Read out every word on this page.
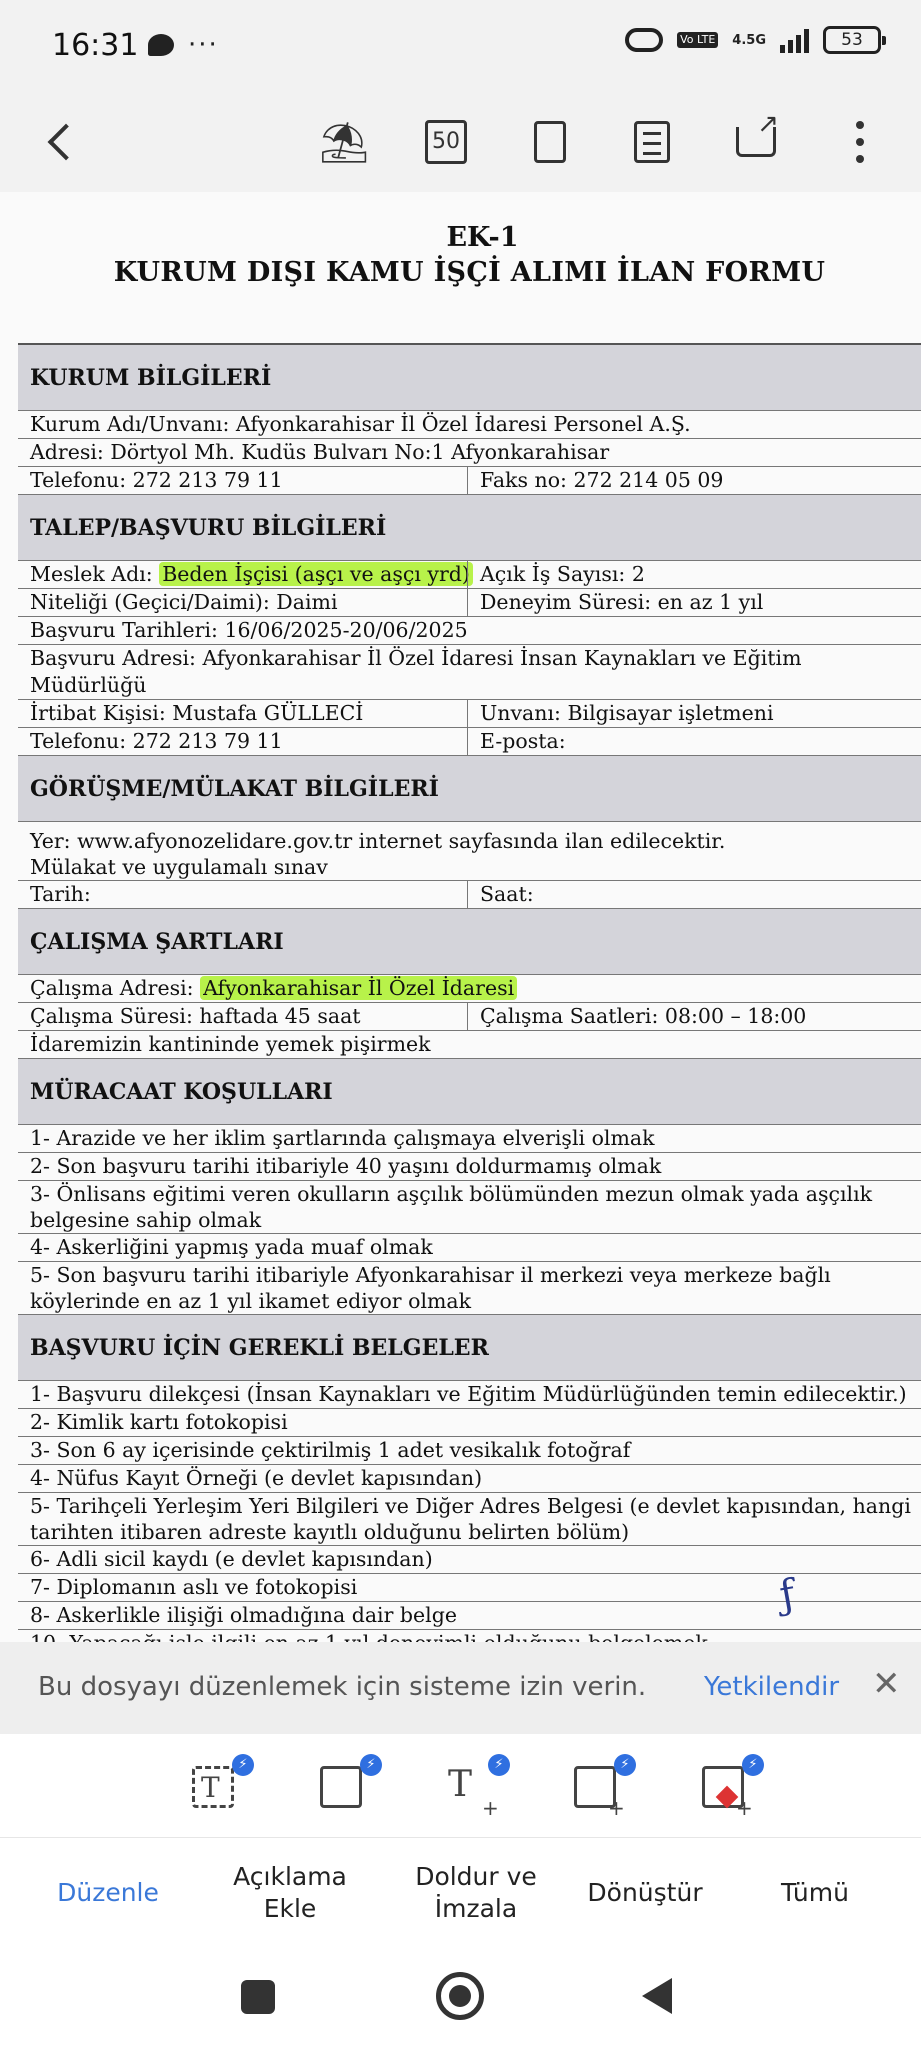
16:31 ···	Vo LTE 4.5G	53
⛱	50
↗
EK-1
KURUM DIŞI KAMU İŞÇİ ALIMI İLAN FORMU
KURUM BİLGİLERİ
Kurum Adı/Unvanı: Afyonkarahisar İl Özel İdaresi Personel A.Ş.
Adresi: Dörtyol Mh. Kudüs Bulvarı No:1 Afyonkarahisar
Telefonu: 272 213 79 11	Faks no: 272 214 05 09
TALEP/BAŞVURU BİLGİLERİ
Meslek Adı: Beden İşçisi (aşçı ve aşçı yrd) Açık İş Sayısı: 2
Niteliği (Geçici/Daimi): Daimi	Deneyim Süresi: en az 1 yıl
Başvuru Tarihleri: 16/06/2025-20/06/2025
Başvuru Adresi: Afyonkarahisar İl Özel İdaresi İnsan Kaynakları ve Eğitim Müdürlüğü
İrtibat Kişisi: Mustafa GÜLLECİ	Unvanı: Bilgisayar işletmeni
Telefonu: 272 213 79 11	E-posta:
GÖRÜŞME/MÜLAKAT BİLGİLERİ
Yer: www.afyonozelidare.gov.tr internet sayfasında ilan edilecektir.
Mülakat ve uygulamalı sınav
Tarih:	Saat:
ÇALIŞMA ŞARTLARI
Çalışma Adresi: Afyonkarahisar İl Özel İdaresi
Çalışma Süresi: haftada 45 saat	Çalışma Saatleri: 08:00 – 18:00
İdaremizin kantininde yemek pişirmek
MÜRACAAT KOŞULLARI
1- Arazide ve her iklim şartlarında çalışmaya elverişli olmak
2- Son başvuru tarihi itibariyle 40 yaşını doldurmamış olmak
3- Önlisans eğitimi veren okulların aşçılık bölümünden mezun olmak yada aşçılık belgesine sahip olmak
4- Askerliğini yapmış yada muaf olmak
5- Son başvuru tarihi itibariyle Afyonkarahisar il merkezi veya merkeze bağlı köylerinde en az 1 yıl ikamet ediyor olmak
BAŞVURU İÇİN GEREKLİ BELGELER
1- Başvuru dilekçesi (İnsan Kaynakları ve Eğitim Müdürlüğünden temin edilecektir.)
2- Kimlik kartı fotokopisi
3- Son 6 ay içerisinde çektirilmiş 1 adet vesikalık fotoğraf
4- Nüfus Kayıt Örneği (e devlet kapısından)
5- Tarihçeli Yerleşim Yeri Bilgileri ve Diğer Adres Belgesi (e devlet kapısından, hangi tarihten itibaren adreste kayıtlı olduğunu belirten bölüm)
6- Adli sicil kaydı (e devlet kapısından)
7- Diplomanın aslı ve fotokopisi
8- Askerlikle ilişiği olmadığına dair belge	ƒ
Bu dosyayı düzenlemek için sisteme izin verin. Yetkilendir ✕
T
⚡	⚡ T
+
⚡
+
⚡
+
⚡
Düzenle
Açıklama
Ekle
Doldur ve
İmzala
Dönüştür	Tümü
